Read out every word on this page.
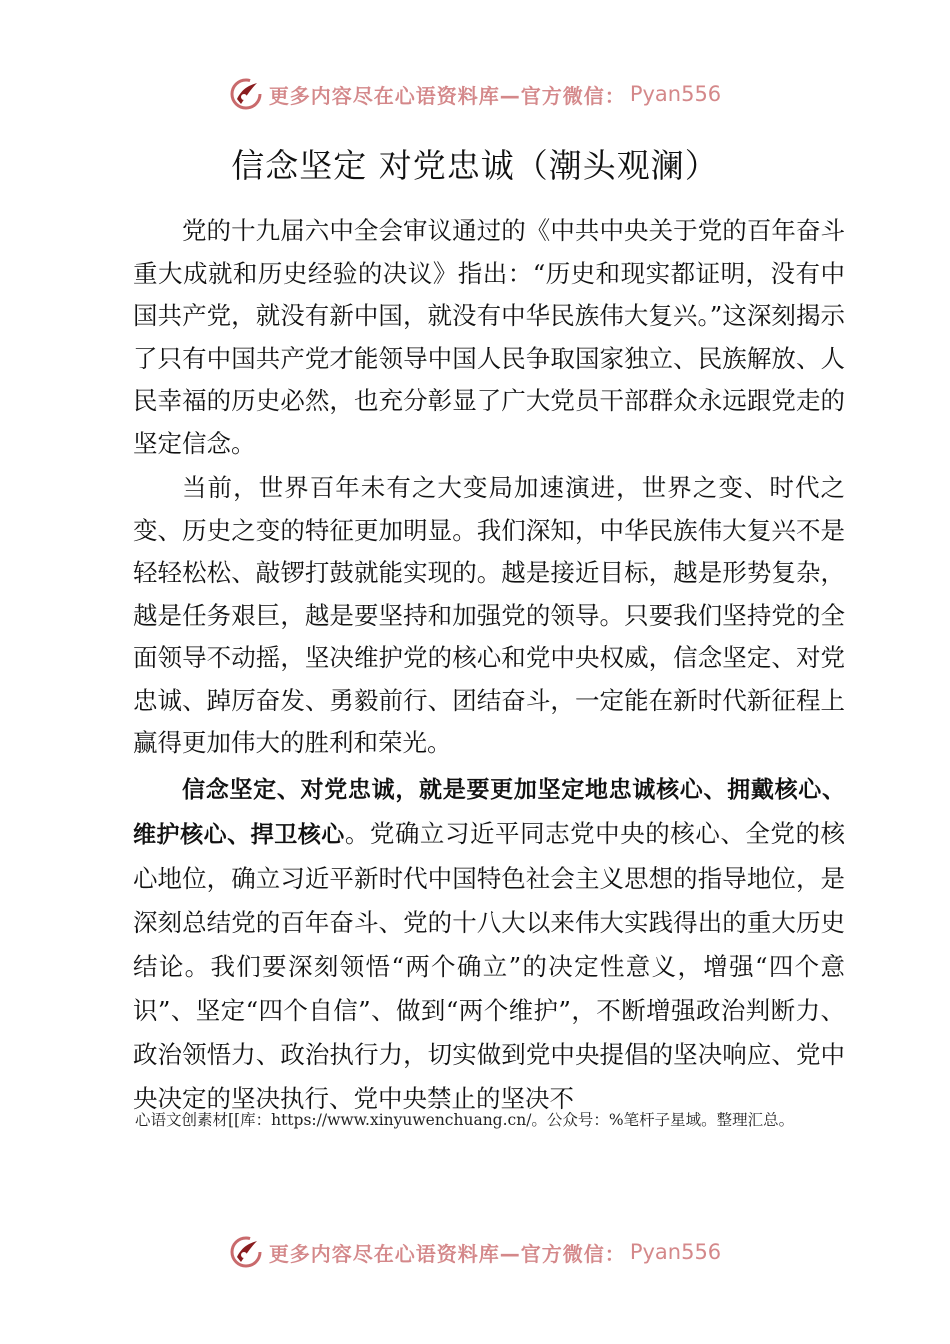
更多内容尽在心语资料库—官方微信： Pyan556
信念坚定 对党忠诚（潮头观澜）

党的十九届六中全会审议通过的《中共中央关于党的百年奋斗重大成就和历史经验的决议》指出：“历史和现实都证明，没有中国共产党，就没有新中国，就没有中华民族伟大复兴。”这深刻揭示了只有中国共产党才能领导中国人民争取国家独立、民族解放、人民幸福的历史必然，也充分彰显了广大党员干部群众永远跟党走的坚定信念。

当前，世界百年未有之大变局加速演进，世界之变、时代之变、历史之变的特征更加明显。我们深知，中华民族伟大复兴不是轻轻松松、敲锣打鼓就能实现的。越是接近目标，越是形势复杂，越是任务艰巨，越是要坚持和加强党的领导。只要我们坚持党的全面领导不动摇，坚决维护党的核心和党中央权威，信念坚定、对党忠诚、踔厉奋发、勇毅前行、团结奋斗，一定能在新时代新征程上赢得更加伟大的胜利和荣光。

信念坚定、对党忠诚，就是要更加坚定地忠诚核心、拥戴核心、维护核心、捍卫核心。党确立习近平同志党中央的核心、全党的核心地位，确立习近平新时代中国特色社会主义思想的指导地位，是深刻总结党的百年奋斗、党的十八大以来伟大实践得出的重大历史结论。我们要深刻领悟“两个确立”的决定性意义，增强“四个意识”、坚定“四个自信”、做到“两个维护”，不断增强政治判断力、政治领悟力、政治执行力，切实做到党中央提倡的坚决响应、党中央决定的坚决执行、党中央禁止的坚决不

心语文创素材[[库：https://www.xinyuwenchuang.cn/。公众号：%笔杆子星域。整理汇总。
更多内容尽在心语资料库—官方微信： Pyan556
